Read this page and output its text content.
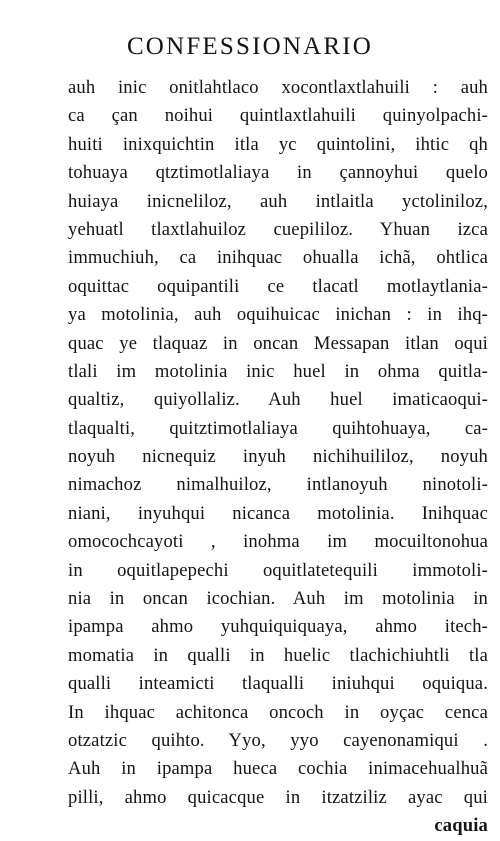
CONFESSIONARIO
auh inic onitlahtlaco xocontlaxtlahuili : auh
ca çan noihui quintlaxtlahuili quinyolpachi-
huiti inixquichtin itla yc quintolini, ihtic qh
tohuaya qtztimotlaliaya in çannoyhui quelo
huiaya inicneliloz, auh intlaitla yctoliniloz,
yehuatl tlaxtlahuiloz cuepililoz. Yhuan izca
immuchiuh, ca inihquac ohualla ichã, ohtlica
oquittac oquipantili ce tlacatl motlaytlania-
ya motolinia, auh oquihuicac inichan : in ihq-
quac ye tlaquaz in oncan Messapan itlan oqui
tlali im motolinia inic huel in ohma quitla-
qualtiz, quiyollaliz. Auh huel imaticaoqui-
tlaqualti, quitztimotlaliaya quihtohuaya, ca-
noyuh nicnequiz inyuh nichihuililoz, noyuh
nimachoz nimalhuiloz, intlanoyuh ninotoli-
niani, inyuhqui nicanca motolinia. Inihquac
omocochcayoti , inohma im mocuiltonohua
in oquitlapepechi oquitlatetequili immotoli-
nia in oncan icochian. Auh im motolinia in
ipampa ahmo yuhquiquiquaya, ahmo itech-
momatia in qualli in huelic tlachichiuhtli tla
qualli inteamicti tlaqualli iniuhqui oquiqua.
In ihquac achitonca oncoch in oyçac cenca
otzatzic quihto. Yyo, yyo cayenonamiqui .
Auh in ipampa hueca cochia inimacehualhuã
pilli, ahmo quicacque in itzatziliz ayac qui
caquia
